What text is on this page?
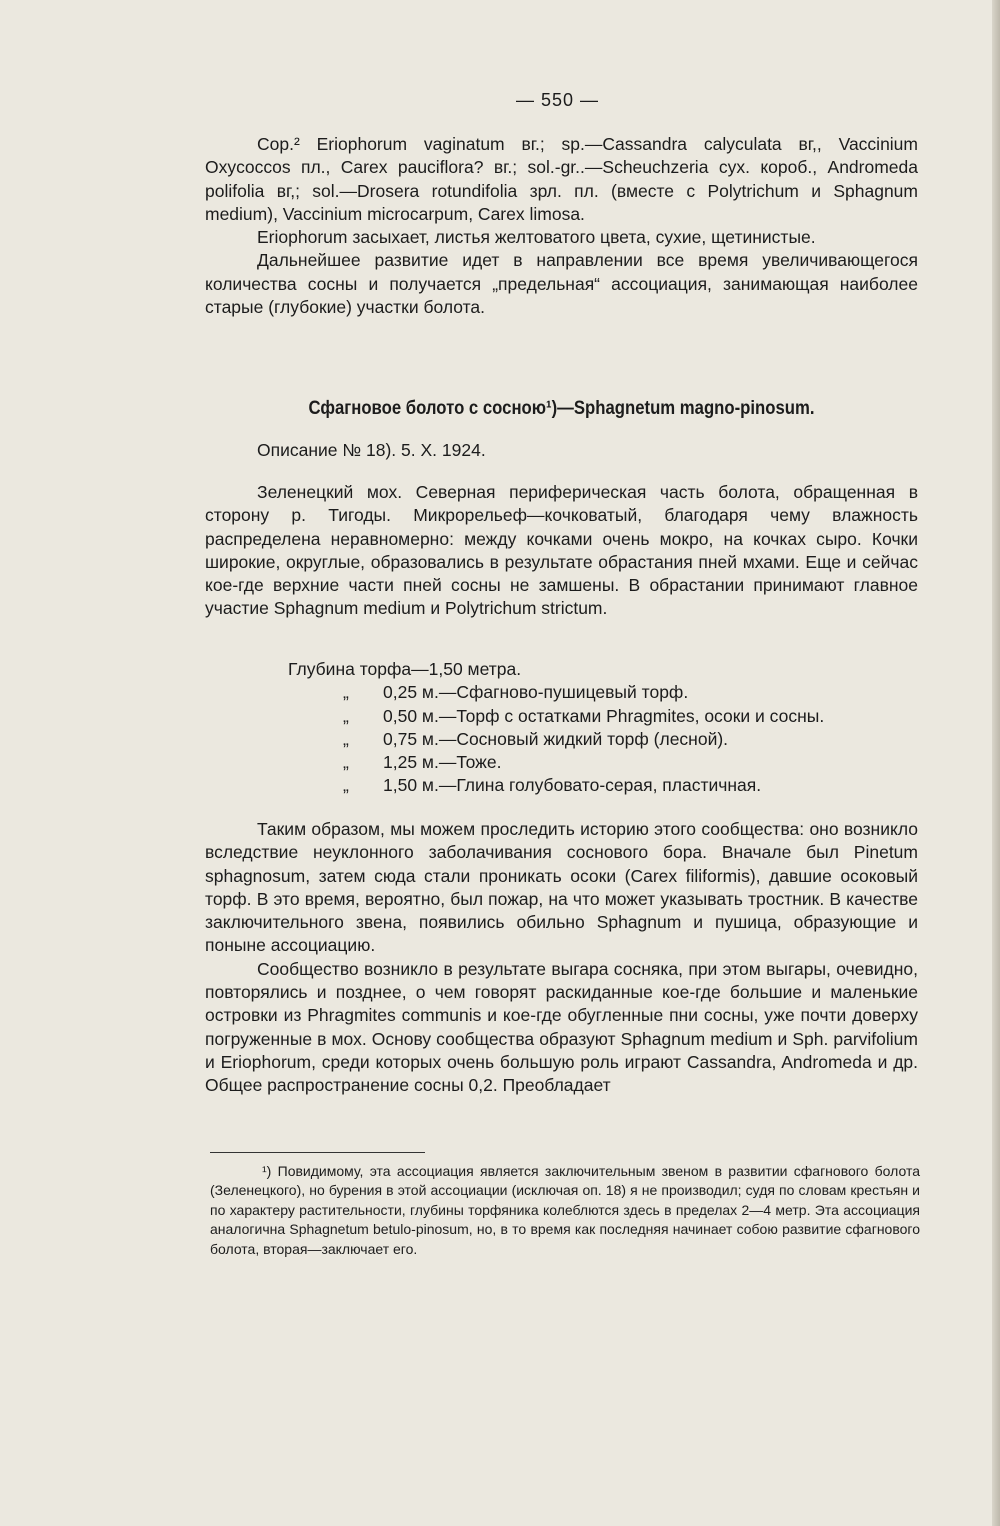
— 550 —

Cop.² Eriophorum vaginatum вг.; sp.—Cassandra calyculata вг,, Vaccinium Oxycoccos пл., Carex pauciflora? вг.; sol.-gr..—Scheuchzeria сух. короб., Andromeda polifolia вг,; sol.—Drosera rotundifolia зрл. пл. (вместе с Polytrichum и Sphagnum medium), Vaccinium microcarpum, Carex limosa.

Eriophorum засыхает, листья желтоватого цвета, сухие, щетинистые.

Дальнейшее развитие идет в направлении все время увеличивающегося количества сосны и получается „предельная“ ассоциация, занимающая наиболее старые (глубокие) участки болота.

Сфагновое болото с сосною¹)—Sphagnetum magno-pinosum.
Описание № 18). 5. X. 1924.

Зеленецкий мох. Северная периферическая часть болота, обращенная в сторону р. Тигоды. Микрорельеф—кочковатый, благодаря чему влажность распределена неравномерно: между кочками очень мокро, на кочках сыро. Кочки широкие, округлые, образовались в результате обрастания пней мхами. Еще и сейчас кое-где верхние части пней сосны не замшены. В обрастании принимают главное участие Sphagnum medium и Polytrichum strictum.

Глубина торфа—1,50 метра.
„ 0,25 м.—Сфагново-пушицевый торф.
„ 0,50 м.—Торф с остатками Phragmites, осоки и сосны.
„ 0,75 м.—Сосновый жидкий торф (лесной).
„ 1,25 м.—Тоже.
„ 1,50 м.—Глина голубовато-серая, пластичная.

Таким образом, мы можем проследить историю этого сообщества: оно возникло вследствие неуклонного заболачивания соснового бора. Вначале был Pinetum sphagnosum, затем сюда стали проникать осоки (Carex filiformis), давшие осоковый торф. В это время, вероятно, был пожар, на что может указывать тростник. В качестве заключительного звена, появились обильно Sphagnum и пушица, образующие и поныне ассоциацию.

Сообщество возникло в результате выгара сосняка, при этом выгары, очевидно, повторялись и позднее, о чем говорят раскиданные кое-где большие и маленькие островки из Phragmites communis и кое-где обугленные пни сосны, уже почти доверху погруженные в мох. Основу сообщества образуют Sphagnum medium и Sph. parvifolium и Eriophorum, среди которых очень большую роль играют Cassandra, Andromeda и др. Общее распространение сосны 0,2. Преобладает

¹) Повидимому, эта ассоциация является заключительным звеном в развитии сфагнового болота (Зеленецкого), но бурения в этой ассоциации (исключая оп. 18) я не производил; судя по словам крестьян и по характеру растительности, глубины торфяника колеблются здесь в пределах 2—4 метр. Эта ассоциация аналогична Sphagnetum betulo-pinosum, но, в то время как последняя начинает собою развитие сфагнового болота, вторая—заключает его.
